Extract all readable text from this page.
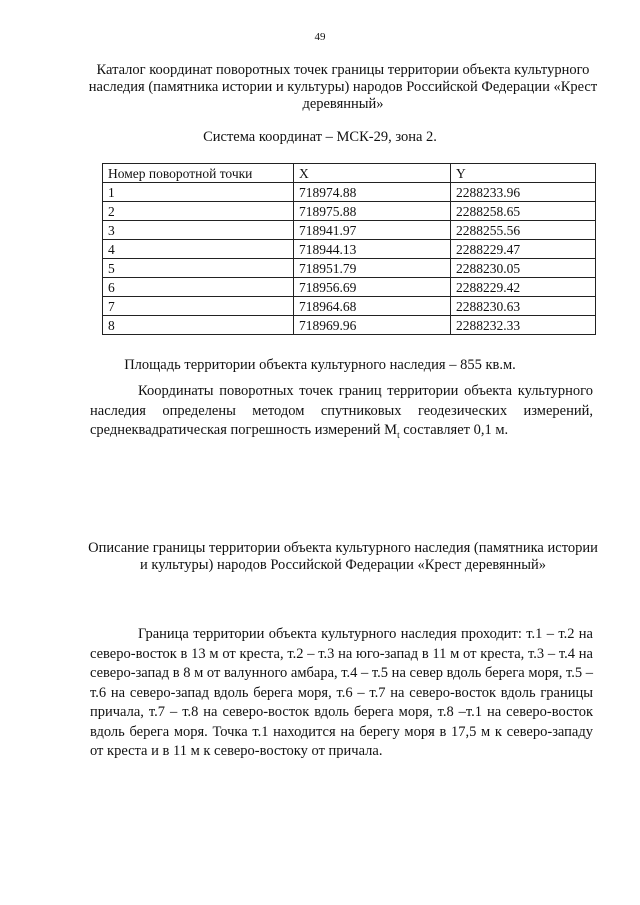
49
Каталог координат поворотных точек границы территории объекта культурного наследия (памятника истории и культуры) народов Российской Федерации «Крест деревянный»
Система координат – МСК-29, зона 2.
Номер поворотной точки	X	Y
1	718974.88	2288233.96
2	718975.88	2288258.65
3	718941.97	2288255.56
4	718944.13	2288229.47
5	718951.79	2288230.05
6	718956.69	2288229.42
7	718964.68	2288230.63
8	718969.96	2288232.33
Площадь территории объекта культурного наследия – 855 кв.м.
Координаты поворотных точек границ территории объекта культурного наследия определены методом спутниковых геодезических измерений, среднеквадратическая погрешность измерений $M_t$ составляет 0,1 м.
Описание границы территории объекта культурного наследия (памятника истории и культуры) народов Российской Федерации «Крест деревянный»
Граница территории объекта культурного наследия проходит: т.1 – т.2 на северо-восток в 13 м от креста, т.2 – т.3 на юго-запад в 11 м от креста, т.3 – т.4 на северо-запад в 8 м от валунного амбара, т.4 – т.5 на север вдоль берега моря, т.5 – т.6 на северо-запад вдоль берега моря, т.6 – т.7 на северо-восток вдоль границы причала, т.7 – т.8 на северо-восток вдоль берега моря, т.8 –т.1 на северо-восток вдоль берега моря. Точка т.1 находится на берегу моря в 17,5 м к северо-западу от креста и в 11 м к северо-востоку от причала.
